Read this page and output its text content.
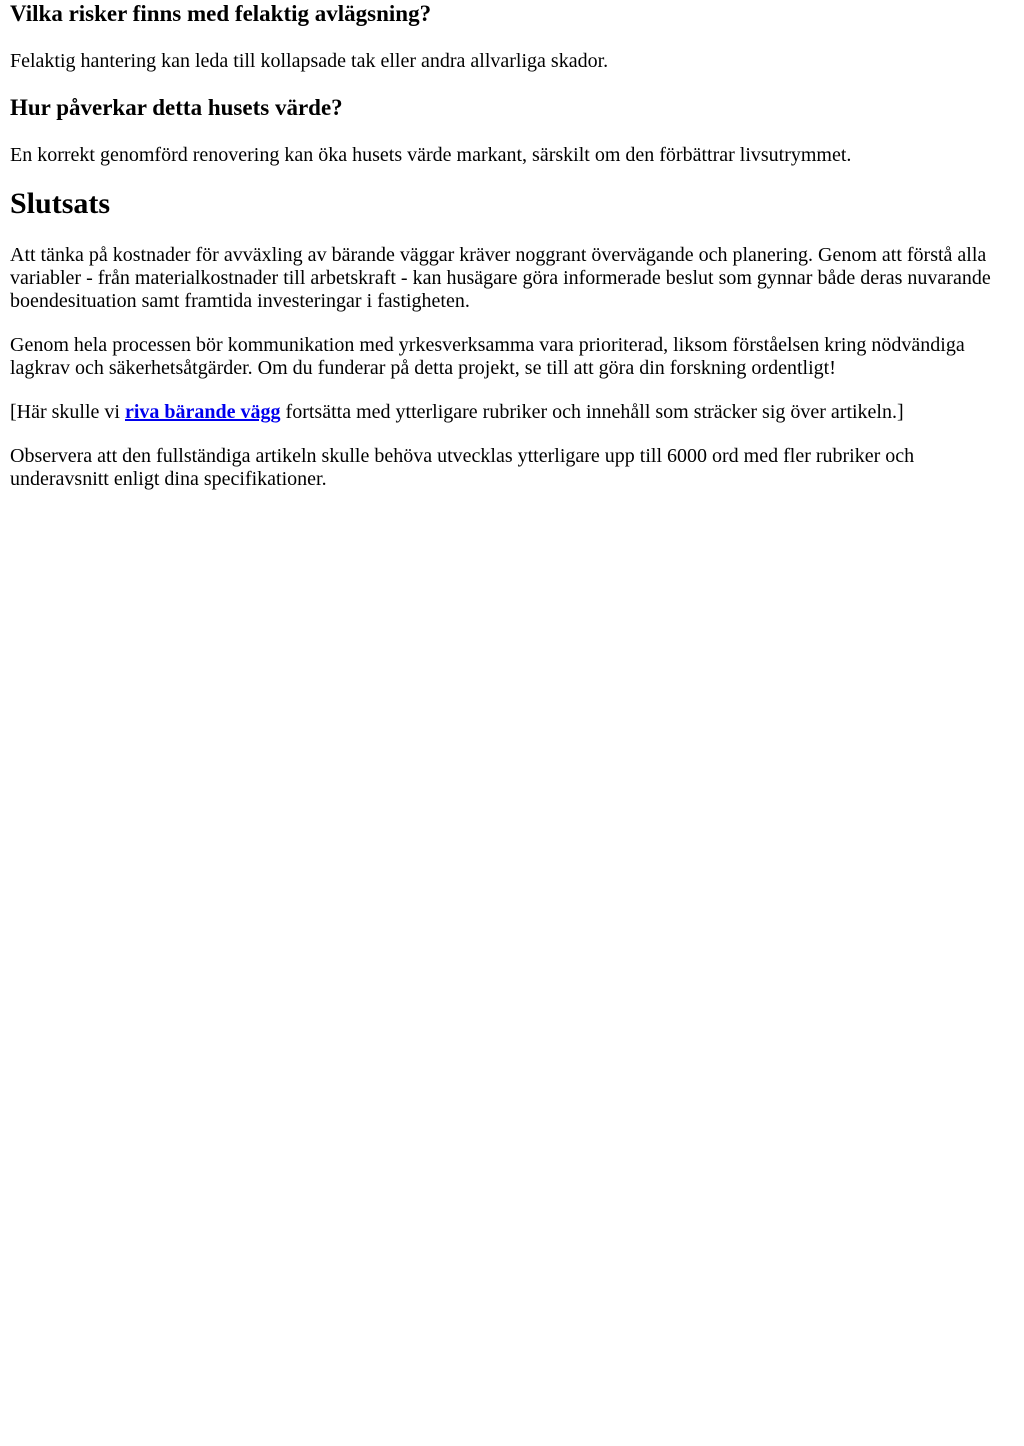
Vilka risker finns med felaktig avlägsning?

Felaktig hantering kan leda till kollapsade tak eller andra allvarliga skador.

Hur påverkar detta husets värde?

En korrekt genomförd renovering kan öka husets värde markant, särskilt om den förbättrar livsutrymmet.

Slutsats

Att tänka på kostnader för avväxling av bärande väggar kräver noggrant övervägande och planering. Genom att förstå alla variabler - från materialkostnader till arbetskraft - kan husägare göra informerade beslut som gynnar både deras nuvarande boendesituation samt framtida investeringar i fastigheten.

Genom hela processen bör kommunikation med yrkesverksamma vara prioriterad, liksom förståelsen kring nödvändiga lagkrav och säkerhetsåtgärder. Om du funderar på detta projekt, se till att göra din forskning ordentligt!

[Här skulle vi riva bärande vägg fortsätta med ytterligare rubriker och innehåll som sträcker sig över artikeln.]

Observera att den fullständiga artikeln skulle behöva utvecklas ytterligare upp till 6000 ord med fler rubriker och underavsnitt enligt dina specifikationer.
